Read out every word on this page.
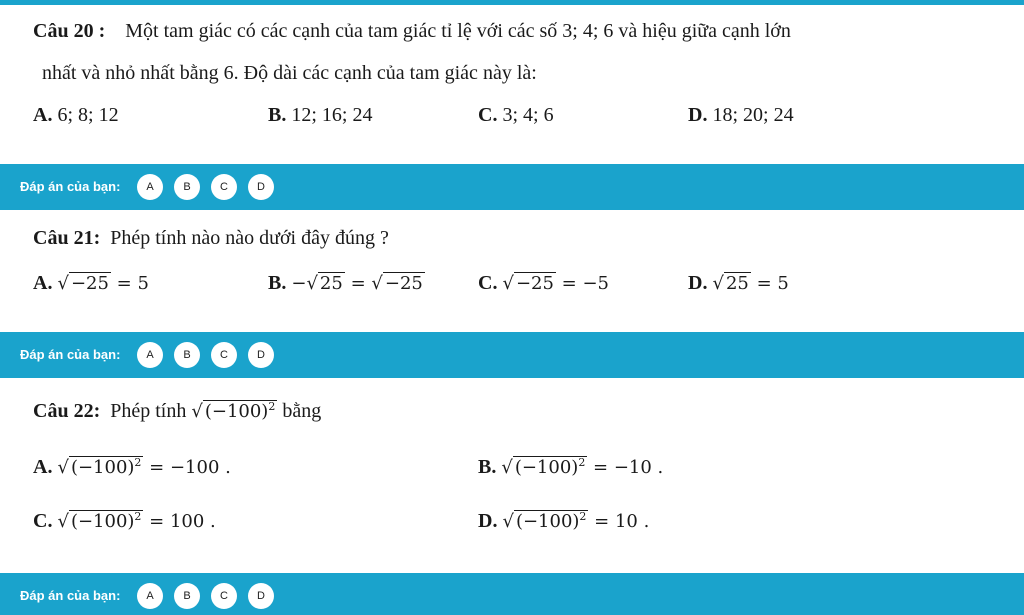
Câu 20 : Một tam giác có các cạnh của tam giác tỉ lệ với các số 3; 4; 6 và hiệu giữa cạnh lớn
nhất và nhỏ nhất bằng 6. Độ dài các cạnh của tam giác này là:
A. 6; 8; 12	B. 12; 16; 24	C. 3; 4; 6	D. 18; 20; 24
Đáp án của bạn:	A	B	C	D
Câu 21: Phép tính nào nào dưới đây đúng ?
A. √ −25 = 5	B. −√ 25 = √ −25	C. √ −25 = −5	D. √ 25 = 5
Đáp án của bạn:	A	B	C	D
Câu 22: Phép tính √ $(-100)^2$ bằng
A. √ $(-100)^2 = -100$ .	B. √ $(-100)^2 = -10$ .
C. √ $(-100)^2 = 100$ .	D. √ $(-100)^2 = 10$ .
Đáp án của bạn:	A	B	C	D
